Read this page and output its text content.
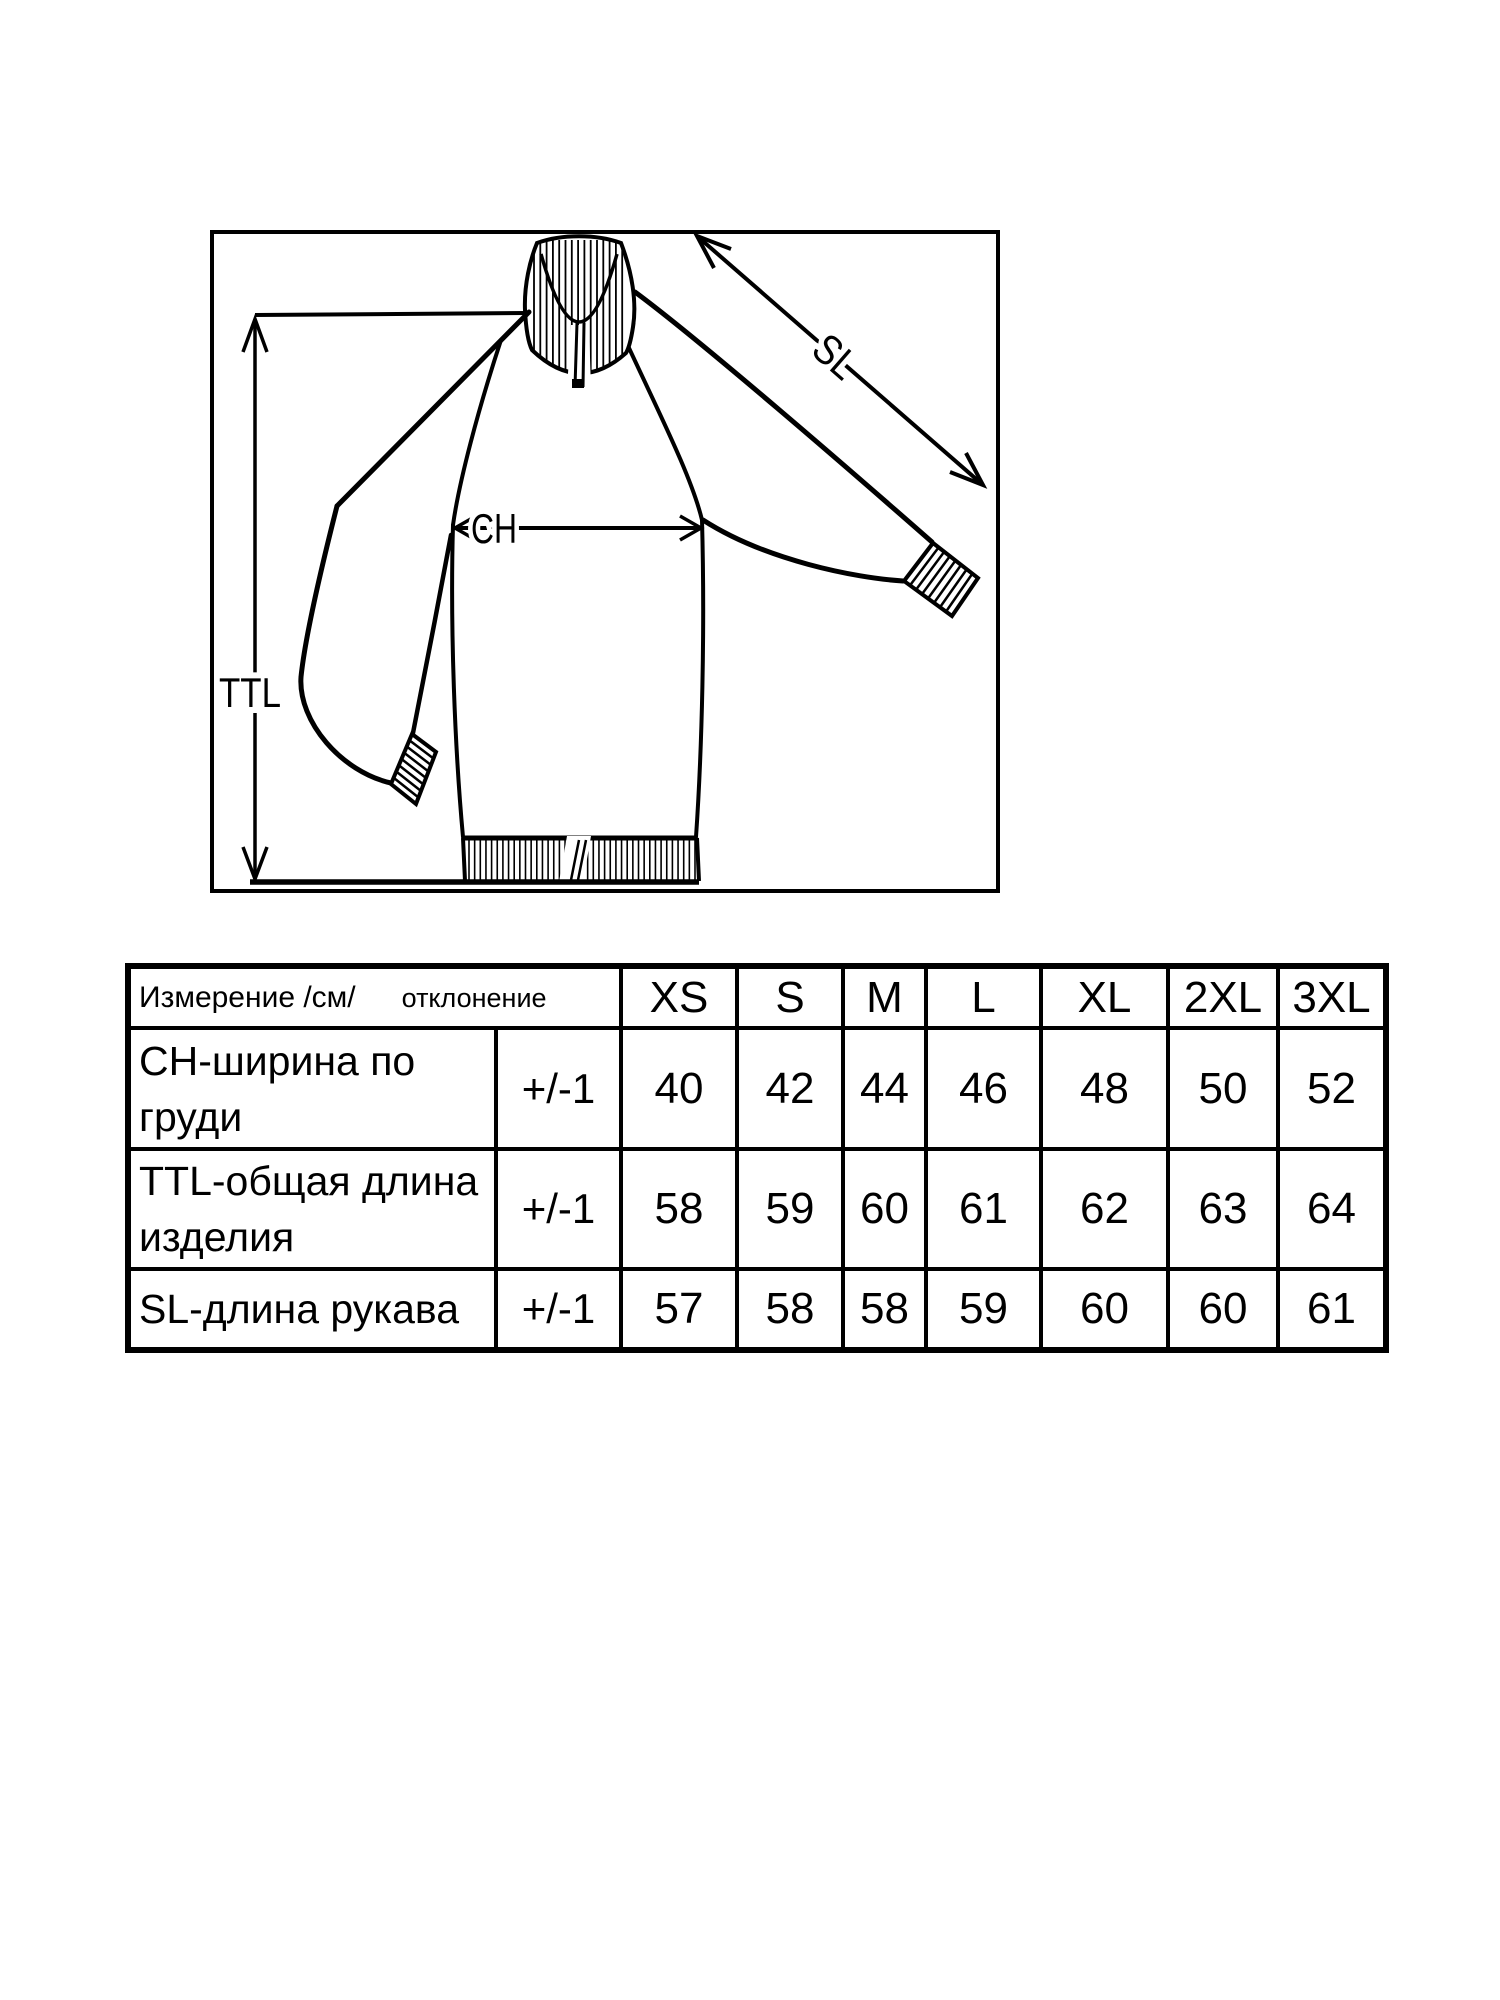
TTL
CH
SL
Измерение /см/ отклонение		XS	S	M	L	XL	2XL	3XL
CH-ширина по груди	+/-1	40	42	44	46	48	50	52
TTL-общая длина изделия	+/-1	58	59	60	61	62	63	64
SL-длина рукава	+/-1	57	58	58	59	60	60	61
